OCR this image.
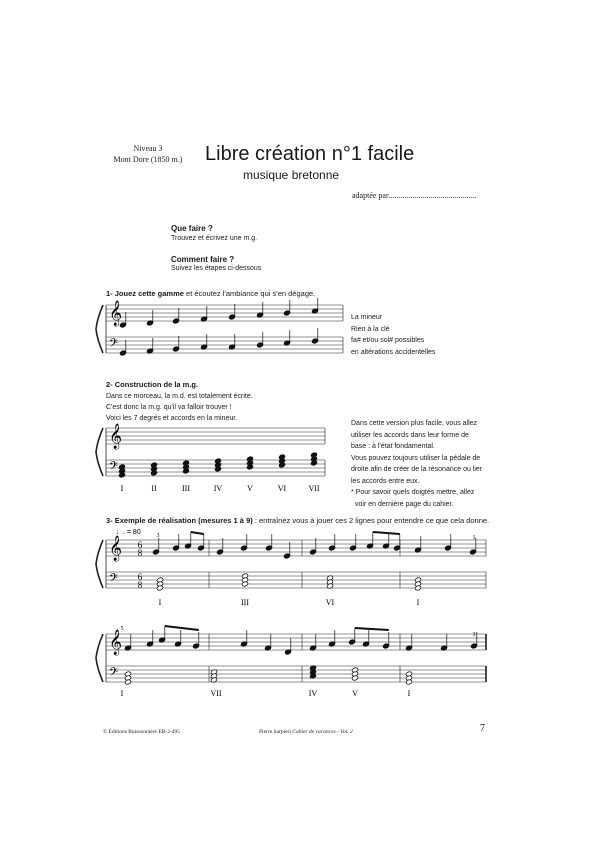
Niveau 3
Mont Dore (1850 m.) Libre création n°1 facile
musique bretonne
adaptée par............................................
Que faire ?
Trouvez et écrivez une m.g.
Comment faire ?
Suivez les étapes ci-dessous
1- Jouez cette gamme et écoutez l'ambiance qui s'en dégage.
La mineur
Rien à la clé
fa# et/ou sol# possibles
en altérations accidentelles
2- Construction de la m.g.
Dans ce morceau, la m.d. est totalement écrite.
C'est donc la m.g. qu'il va falloir trouver !
Voici les 7 degrés et accords en la mineur.
Dans cette version plus facile, vous allez
utiliser les accords dans leur forme de
base : à l'état fondamental.
Vous pouvez toujours utiliser la pédale de
droite afin de créer de la résonance ou lier
les accords entre eux.
* Pour savoir quels doigtés mettre, allez
voir en dernière page du cahier.
3- Exemple de réalisation (mesures 1 à 9) : entraînez vous à jouer ces 2 lignes pour entendre ce que cela donne.
𝄞
𝄢
𝄞
𝄢
I	II	III	IV	V	VI	VII
𝄞
𝄢
6
8
6
8
♩. = 80	3	1
I	III	VI	I
𝄞
𝄢
5
3
I	VII	IV	V	I
© Éditions Buissonnière EB-2-495	Pierre Sarpieri Cahier de vacances - Vol. 2	7
